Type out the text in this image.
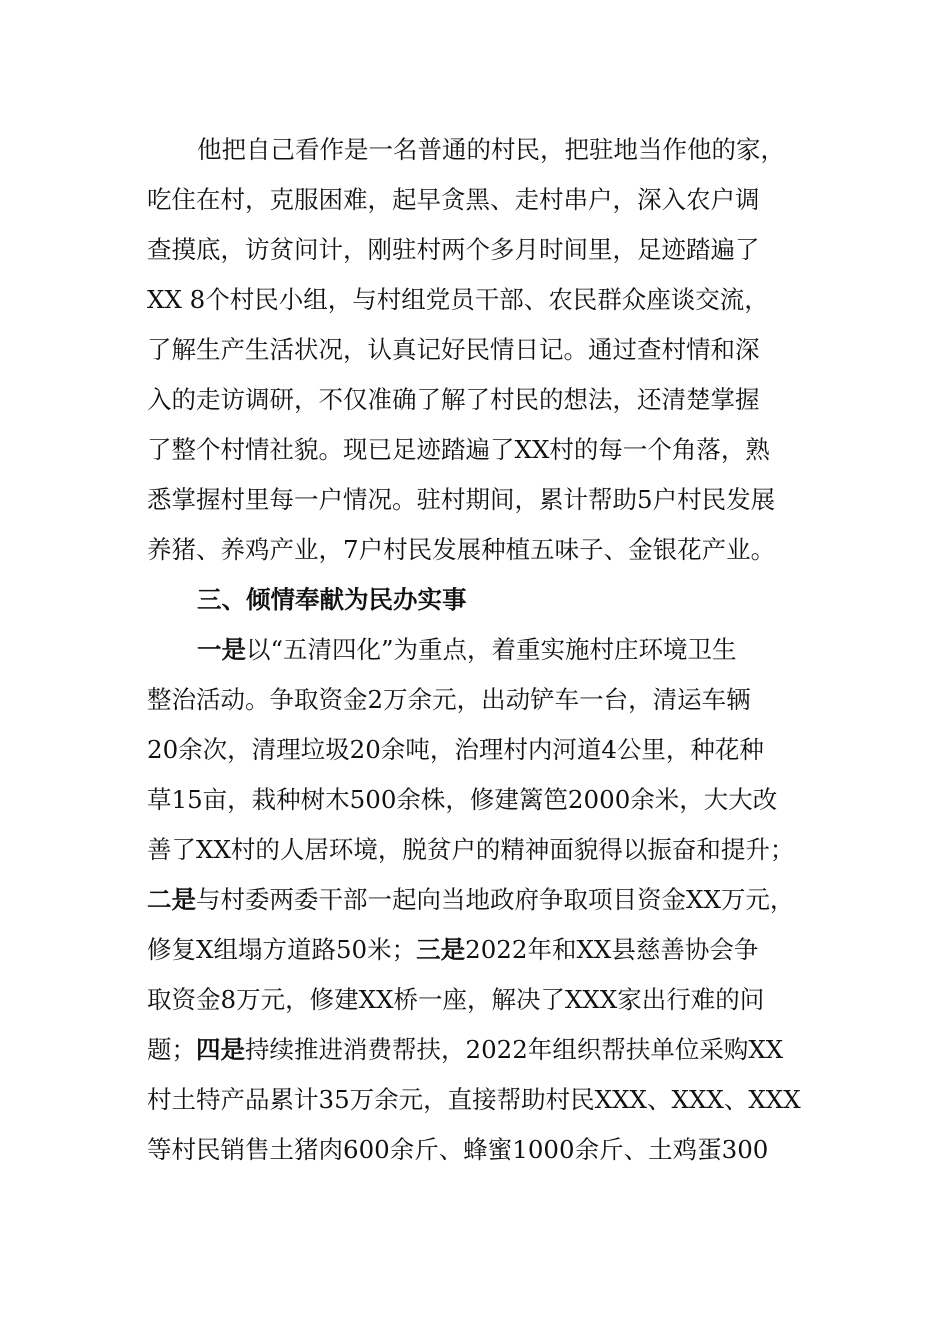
他把自己看作是一名普通的村民，把驻地当作他的家，
吃住在村，克服困难，起早贪黑、走村串户，深入农户调
查摸底，访贫问计，刚驻村两个多月时间里，足迹踏遍了
XX 8个村民小组，与村组党员干部、农民群众座谈交流，
了解生产生活状况，认真记好民情日记。通过查村情和深
入的走访调研，不仅准确了解了村民的想法，还清楚掌握
了整个村情社貌。现已足迹踏遍了XX村的每一个角落，熟
悉掌握村里每一户情况。驻村期间，累计帮助5户村民发展
养猪、养鸡产业，7户村民发展种植五味子、金银花产业。
三、倾情奉献为民办实事
一是以“五清四化”为重点，着重实施村庄环境卫生
整治活动。争取资金2万余元，出动铲车一台，清运车辆
20余次，清理垃圾20余吨，治理村内河道4公里，种花种
草15亩，栽种树木500余株，修建篱笆2000余米，大大改
善了XX村的人居环境，脱贫户的精神面貌得以振奋和提升；
二是与村委两委干部一起向当地政府争取项目资金XX万元，
修复X组塌方道路50米；三是2022年和XX县慈善协会争
取资金8万元，修建XX桥一座，解决了XXX家出行难的问
题；四是持续推进消费帮扶，2022年组织帮扶单位采购XX
村土特产品累计35万余元，直接帮助村民XXX、XXX、XXX
等村民销售土猪肉600余斤、蜂蜜1000余斤、土鸡蛋300
